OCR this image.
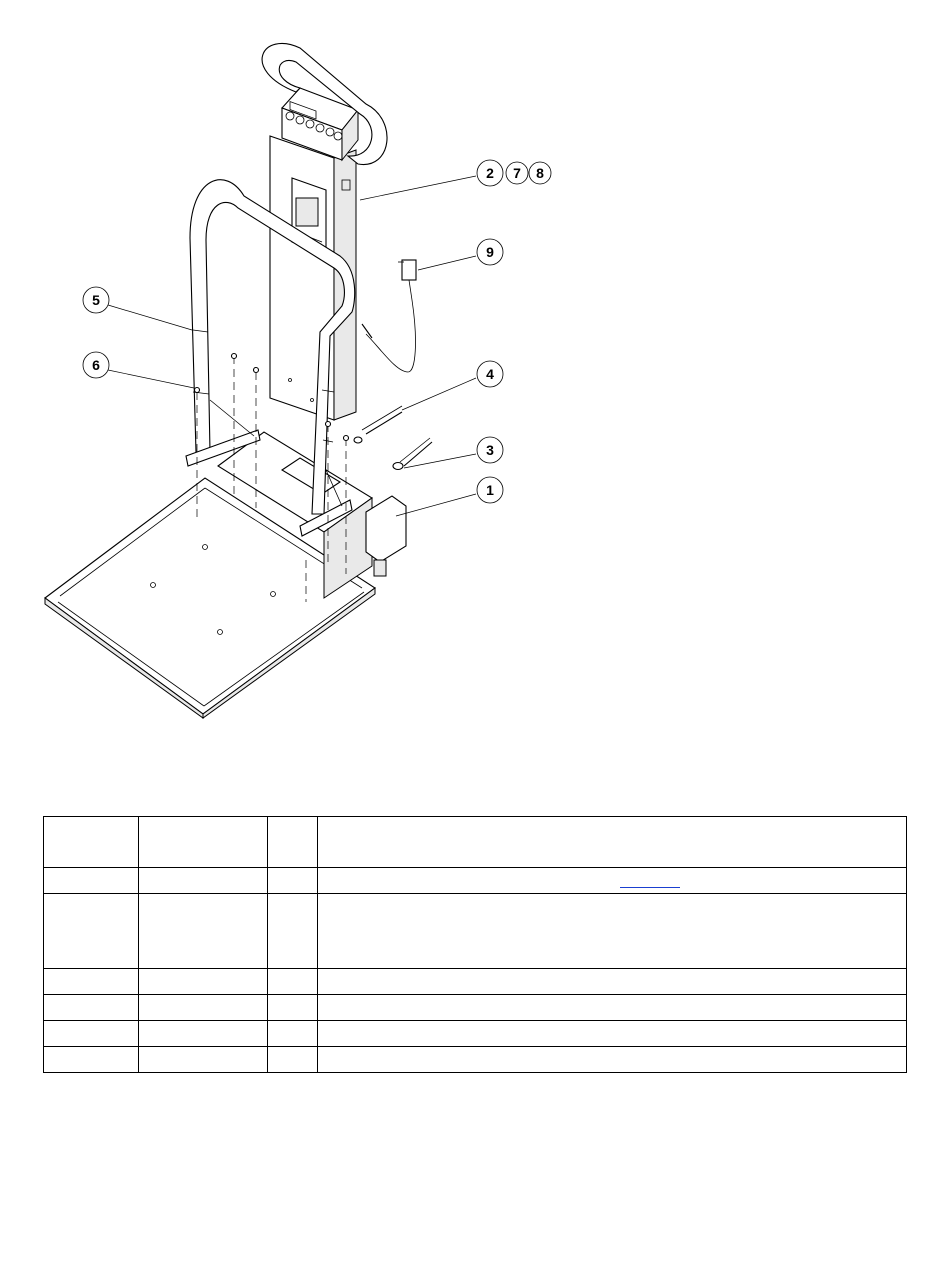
1
2 7 8
9
4
3
5
6
